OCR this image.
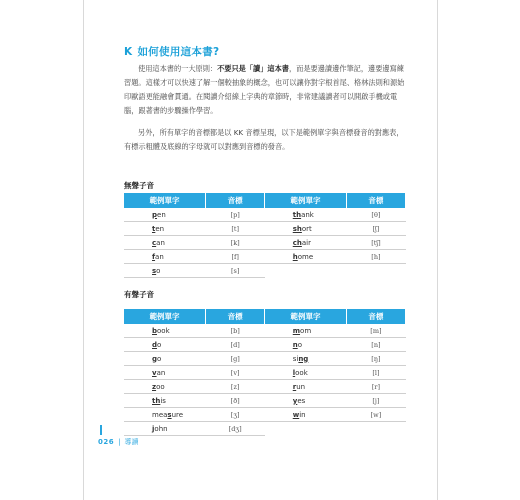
K 如何使用這本書?
使用這本書的一大原則：不要只是「讀」這本書，而是要邊讀邊作筆記，邊要邊寫練習題。這樣才可以快速了解一個較抽象的概念，也可以讓你對字根首尾、格林法則和源始印歐語更能融會貫通。在閱讀介紹線上字典的章節時，非常建議讀者可以開啟手機或電腦，跟著書的步驟操作學習。
另外，所有單字的音標都是以 KK 音標呈現，以下是範例單字與音標發音的對應表，有標示粗體及底線的字母就可以對應到音標的發音。
無聲子音
範例單字	音標	範例單字	音標
pen	[p]	thank	[θ]
ten	[t]	short	[ʃ]
can	[k]	chair	[tʃ]
fan	[f]	home	[h]
so	[s]		
有聲子音
範例單字	音標	範例單字	音標
book	[b]	mom	[m]
do	[d]	no	[n]
go	[g]	sing	[ŋ]
van	[v]	look	[l]
zoo	[z]	run	[r]
this	[ð]	yes	[j]
measure	[ʒ]	win	[w]
john	[dʒ]		
026 | 導讀
